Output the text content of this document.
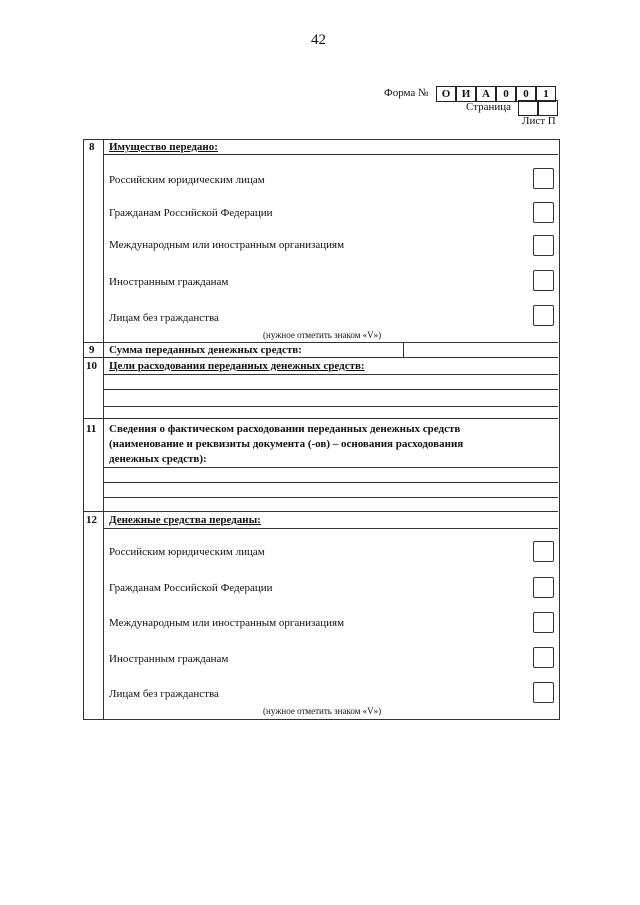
42
Форма №	О	И	А	0	0	1
Страница
Лист П
8 Имущество передано:
Российским юридическим лицам
Гражданам Российской Федерации
Международным или иностранным организациям
Иностранным гражданам
Лицам без гражданства
(нужное отметить знаком «V»)
9 Сумма переданных денежных средств:
10 Цели расходования переданных денежных средств:
11 Сведения о фактическом расходовании переданных денежных средств
(наименование и реквизиты документа (-ов) – основания расходования
денежных средств):
12 Денежные средства переданы:
Российским юридическим лицам
Гражданам Российской Федерации
Международным или иностранным организациям
Иностранным гражданам
Лицам без гражданства
(нужное отметить знаком «V»)
